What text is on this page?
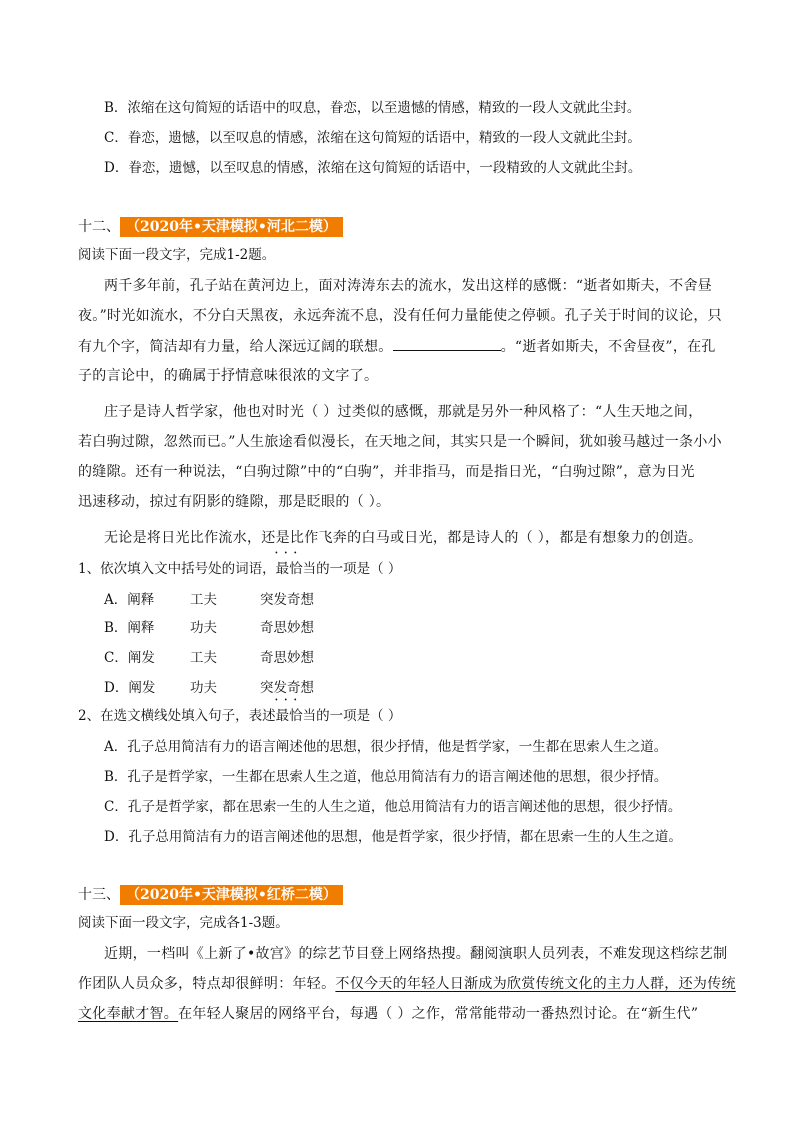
B．浓缩在这句简短的话语中的叹息，眷恋，以至遗憾的情感，精致的一段人文就此尘封。
C．眷恋，遗憾，以至叹息的情感，浓缩在这句简短的话语中，精致的一段人文就此尘封。
D．眷恋，遗憾，以至叹息的情感，浓缩在这句简短的话语中，一段精致的人文就此尘封。
十二、 （2020年•天津模拟•河北二模）
阅读下面一段文字，完成1-2题。
两千多年前，孔子站在黄河边上，面对涛涛东去的流水，发出这样的感慨：“逝者如斯夫，不舍昼
夜。”时光如流水，不分白天黑夜，永远奔流不息，没有任何力量能使之停顿。孔子关于时间的议论，只
有九个字，简洁却有力量，给人深远辽阔的联想。	。“逝者如斯夫，不舍昼夜”，在孔
子的言论中，的确属于抒情意味很浓的文字了。
庄子是诗人哲学家，他也对时光（ ）过类似的感慨，那就是另外一种风格了：“人生天地之间，
若白驹过隙，忽然而已。”人生旅途看似漫长，在天地之间，其实只是一个瞬间，犹如骏马越过一条小小
的缝隙。还有一种说法，“白驹过隙”中的“白驹”，并非指马，而是指日光，“白驹过隙”，意为日光
迅速移动，掠过有阴影的缝隙，那是眨眼的（ ）。
无论是将日光比作流水，还是比作飞奔的白马或日光，都是诗人的（ ），都是有想象力的创造。
1、依次填入文中括号处的词语，• • • 最恰当的一项是（ ）
A．阐释	工夫	突发奇想
B．阐释	功夫	奇思妙想
C．阐发	工夫	奇思妙想
D．阐发	功夫	突发奇想
2、在选文横线处填入句子，表述• • • 最恰当的一项是（ ）
A．孔子总用简洁有力的语言阐述他的思想，很少抒情，他是哲学家，一生都在思索人生之道。
B．孔子是哲学家，一生都在思索人生之道，他总用简洁有力的语言阐述他的思想，很少抒情。
C．孔子是哲学家，都在思索一生的人生之道，他总用简洁有力的语言阐述他的思想，很少抒情。
D．孔子总用简洁有力的语言阐述他的思想，他是哲学家，很少抒情，都在思索一生的人生之道。
十三、 （2020年•天津模拟•红桥二模）
阅读下面一段文字，完成各1-3题。
近期，一档叫《上新了•故宫》的综艺节目登上网络热搜。翻阅演职人员列表，不难发现这档综艺制
作团队人员众多，特点却很鲜明：年轻。不仅今天的年轻人日渐成为欣赏传统文化的主力人群，还为传统
文化奉献才智。在年轻人聚居的网络平台，每遇（ ）之作，常常能带动一番热烈讨论。在“新生代”
